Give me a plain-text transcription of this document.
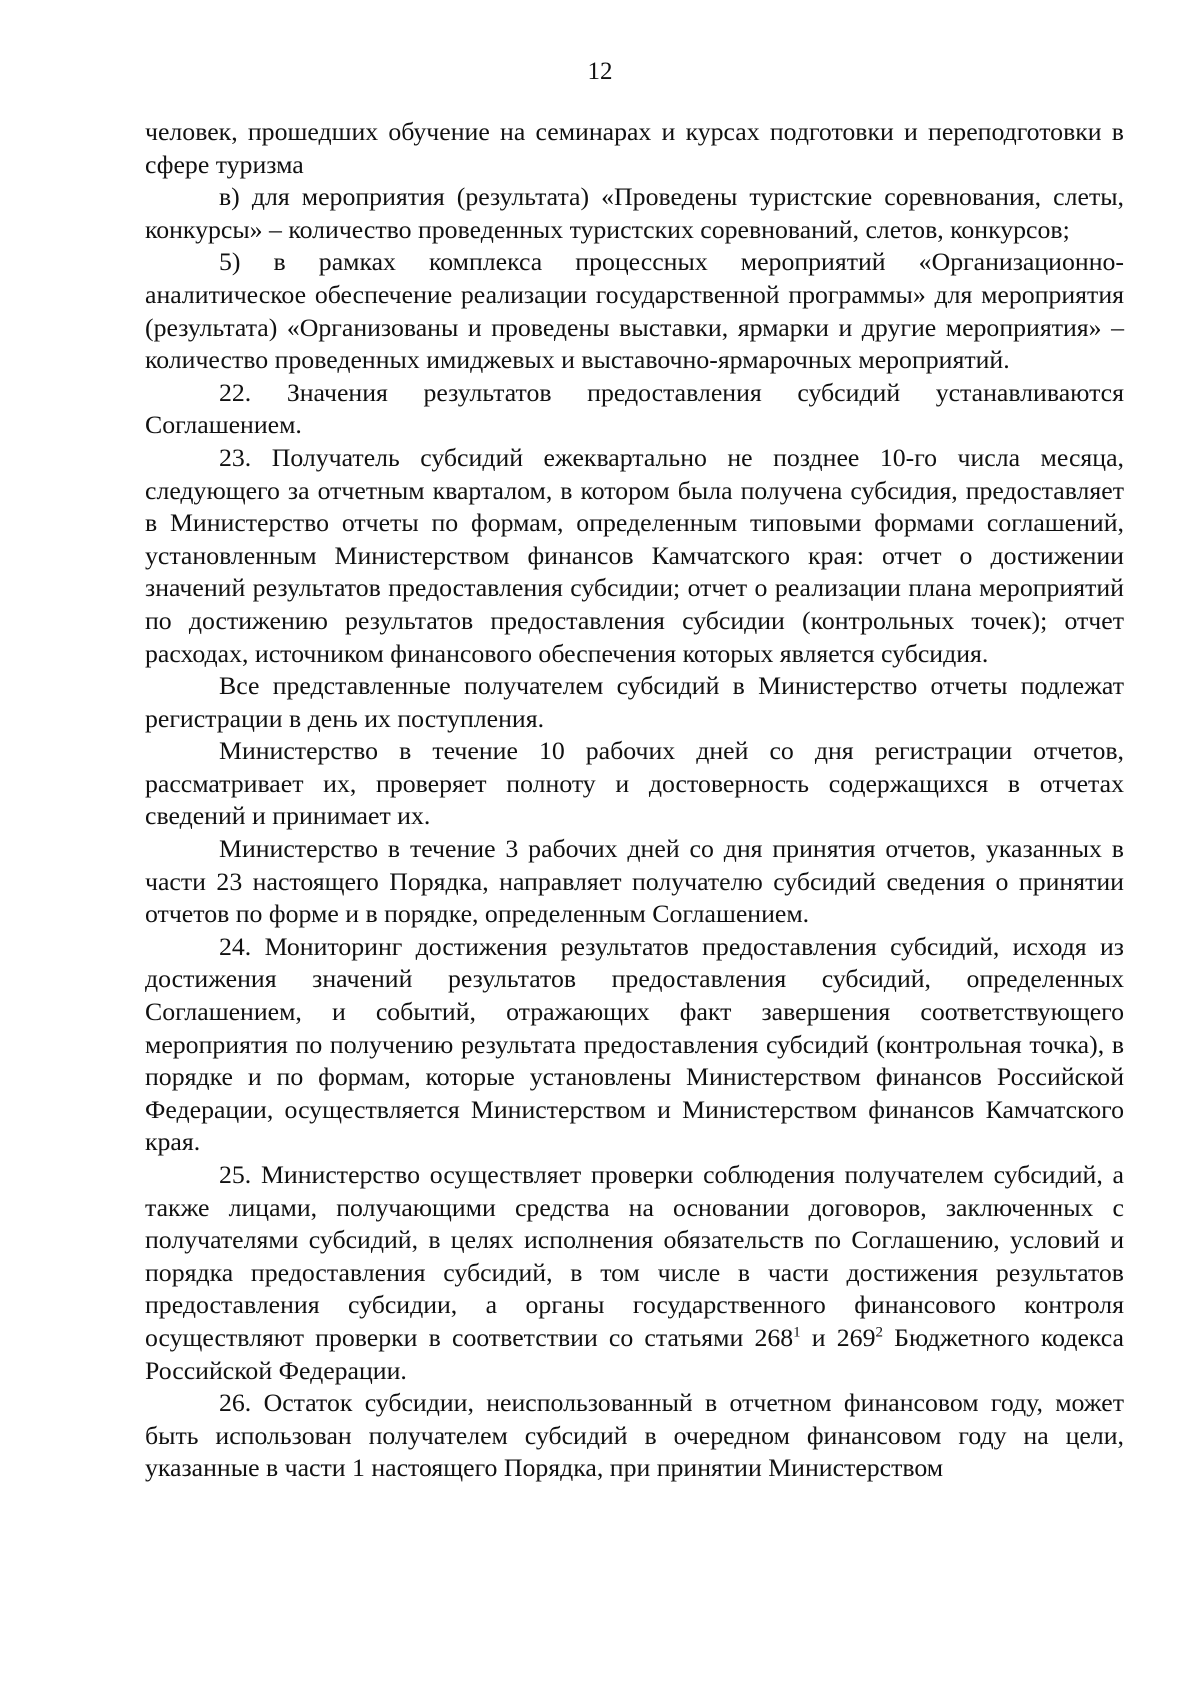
12

человек, прошедших обучение на семинарах и курсах подготовки и переподготовки в сфере туризма

в) для мероприятия (результата) «Проведены туристские соревнования, слеты, конкурсы» – количество проведенных туристских соревнований, слетов, конкурсов;

5) в рамках комплекса процессных мероприятий «Организационно-аналитическое обеспечение реализации государственной программы» для мероприятия (результата) «Организованы и проведены выставки, ярмарки и другие мероприятия» – количество проведенных имиджевых и выставочно-ярмарочных мероприятий.

22. Значения результатов предоставления субсидий устанавливаются Соглашением.

23. Получатель субсидий ежеквартально не позднее 10-го числа месяца, следующего за отчетным кварталом, в котором была получена субсидия, предоставляет в Министерство отчеты по формам, определенным типовыми формами соглашений, установленным Министерством финансов Камчатского края: отчет о достижении значений результатов предоставления субсидии; отчет о реализации плана мероприятий по достижению результатов предоставления субсидии (контрольных точек); отчет расходах, источником финансового обеспечения которых является субсидия.

Все представленные получателем субсидий в Министерство отчеты подлежат регистрации в день их поступления.

Министерство в течение 10 рабочих дней со дня регистрации отчетов, рассматривает их, проверяет полноту и достоверность содержащихся в отчетах сведений и принимает их.

Министерство в течение 3 рабочих дней со дня принятия отчетов, указанных в части 23 настоящего Порядка, направляет получателю субсидий сведения о принятии отчетов по форме и в порядке, определенным Соглашением.

24. Мониторинг достижения результатов предоставления субсидий, исходя из достижения значений результатов предоставления субсидий, определенных Соглашением, и событий, отражающих факт завершения соответствующего мероприятия по получению результата предоставления субсидий (контрольная точка), в порядке и по формам, которые установлены Министерством финансов Российской Федерации, осуществляется Министерством и Министерством финансов Камчатского края.

25. Министерство осуществляет проверки соблюдения получателем субсидий, а также лицами, получающими средства на основании договоров, заключенных с получателями субсидий, в целях исполнения обязательств по Соглашению, условий и порядка предоставления субсидий, в том числе в части достижения результатов предоставления субсидии, а органы государственного финансового контроля осуществляют проверки в соответствии со статьями $268^1$ и $269^2$ Бюджетного кодекса Российской Федерации.

26. Остаток субсидии, неиспользованный в отчетном финансовом году, может быть использован получателем субсидий в очередном финансовом году на цели, указанные в части 1 настоящего Порядка, при принятии Министерством
